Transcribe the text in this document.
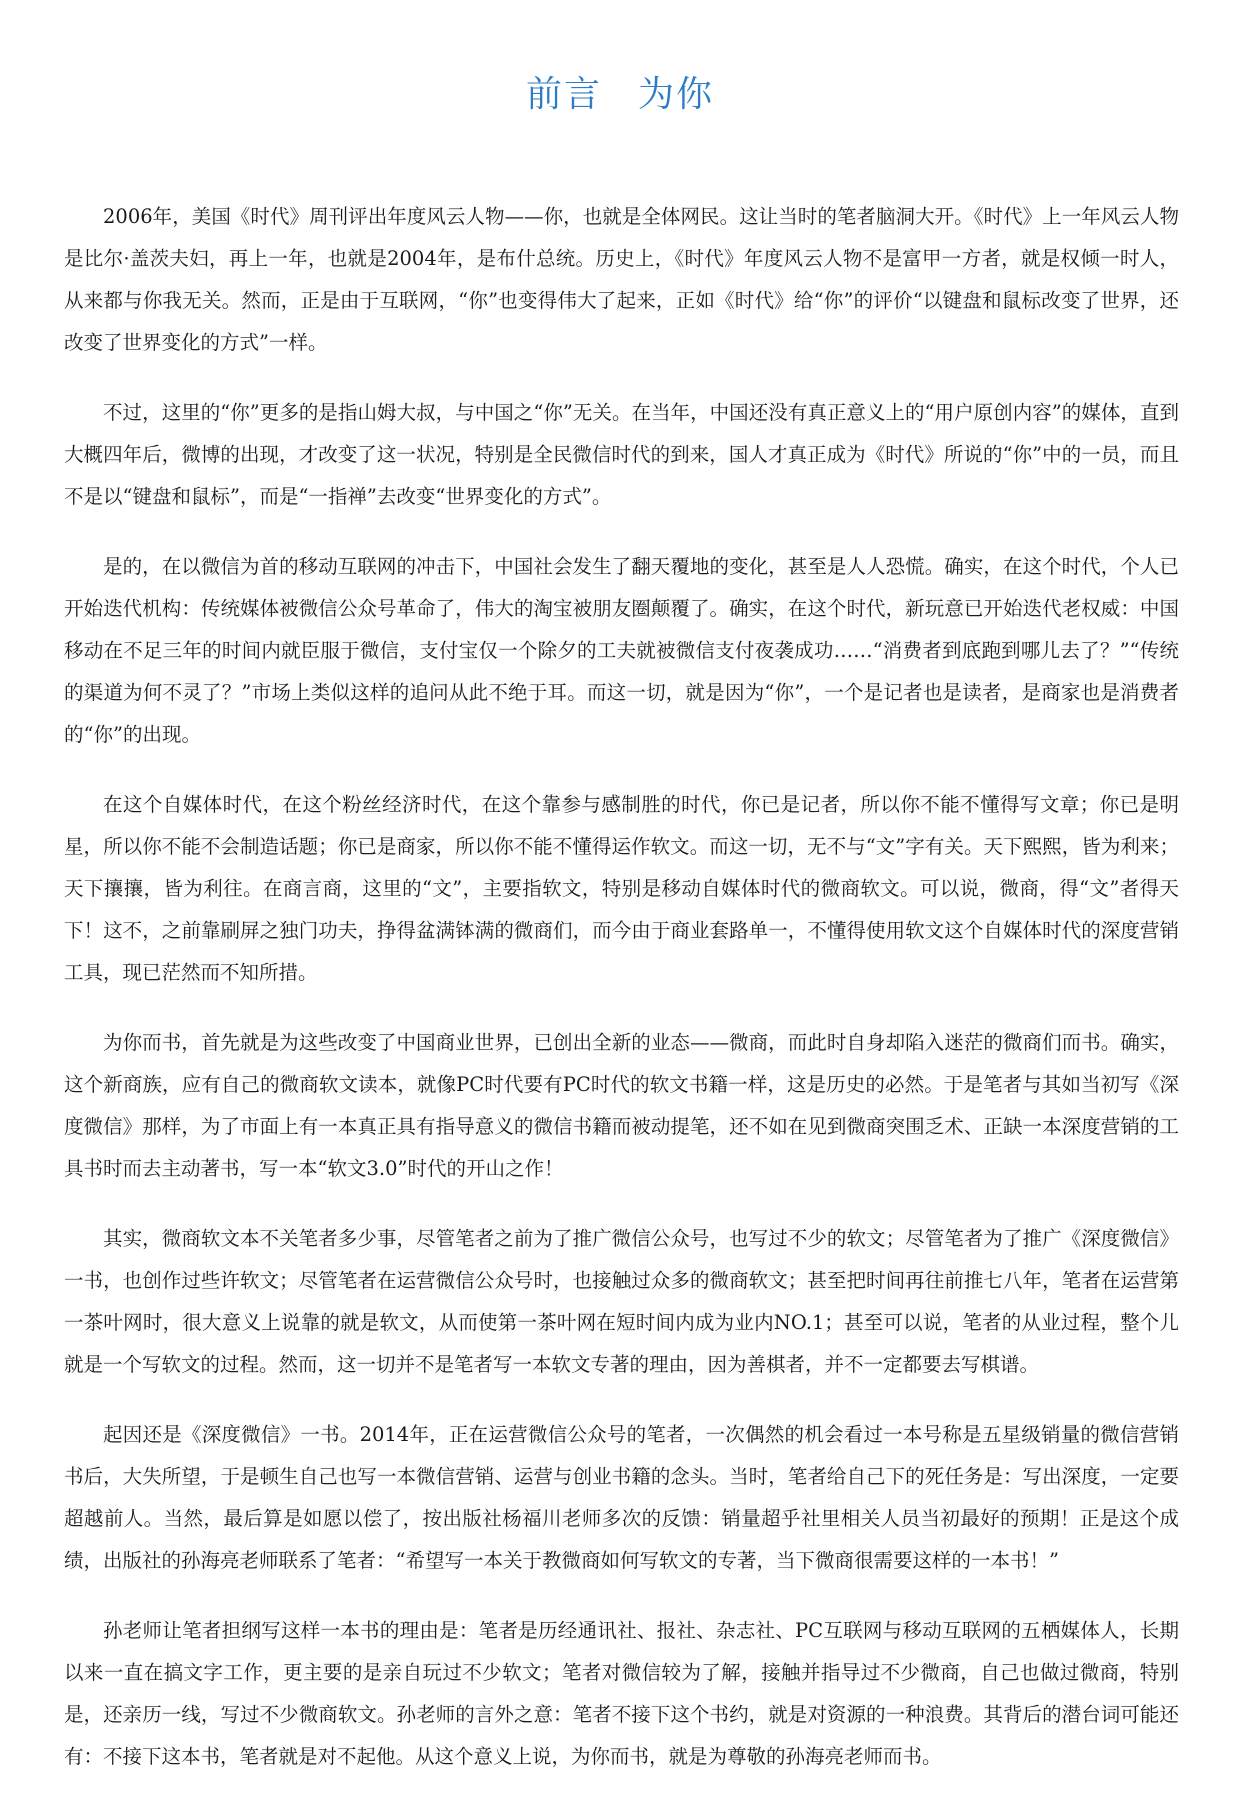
前言 为你

2006年，美国《时代》周刊评出年度风云人物——你，也就是全体网民。这让当时的笔者脑洞大开。《时代》上一年风云人物是比尔·盖茨夫妇，再上一年，也就是2004年，是布什总统。历史上，《时代》年度风云人物不是富甲一方者，就是权倾一时人，从来都与你我无关。然而，正是由于互联网，“你”也变得伟大了起来，正如《时代》给“你”的评价“以键盘和鼠标改变了世界，还改变了世界变化的方式”一样。

不过，这里的“你”更多的是指山姆大叔，与中国之“你”无关。在当年，中国还没有真正意义上的“用户原创内容”的媒体，直到大概四年后，微博的出现，才改变了这一状况，特别是全民微信时代的到来，国人才真正成为《时代》所说的“你”中的一员，而且不是以“键盘和鼠标”，而是“一指禅”去改变“世界变化的方式”。

是的，在以微信为首的移动互联网的冲击下，中国社会发生了翻天覆地的变化，甚至是人人恐慌。确实，在这个时代，个人已开始迭代机构：传统媒体被微信公众号革命了，伟大的淘宝被朋友圈颠覆了。确实，在这个时代，新玩意已开始迭代老权威：中国移动在不足三年的时间内就臣服于微信，支付宝仅一个除夕的工夫就被微信支付夜袭成功……“消费者到底跑到哪儿去了？”“传统的渠道为何不灵了？”市场上类似这样的追问从此不绝于耳。而这一切，就是因为“你”，一个是记者也是读者，是商家也是消费者的“你”的出现。

在这个自媒体时代，在这个粉丝经济时代，在这个靠参与感制胜的时代，你已是记者，所以你不能不懂得写文章；你已是明星，所以你不能不会制造话题；你已是商家，所以你不能不懂得运作软文。而这一切，无不与“文”字有关。天下熙熙，皆为利来；天下攘攘，皆为利往。在商言商，这里的“文”，主要指软文，特别是移动自媒体时代的微商软文。可以说，微商，得“文”者得天下！这不，之前靠刷屏之独门功夫，挣得盆满钵满的微商们，而今由于商业套路单一，不懂得使用软文这个自媒体时代的深度营销工具，现已茫然而不知所措。

为你而书，首先就是为这些改变了中国商业世界，已创出全新的业态——微商，而此时自身却陷入迷茫的微商们而书。确实，这个新商族，应有自己的微商软文读本，就像PC时代要有PC时代的软文书籍一样，这是历史的必然。于是笔者与其如当初写《深度微信》那样，为了市面上有一本真正具有指导意义的微信书籍而被动提笔，还不如在见到微商突围乏术、正缺一本深度营销的工具书时而去主动著书，写一本“软文3.0”时代的开山之作！

其实，微商软文本不关笔者多少事，尽管笔者之前为了推广微信公众号，也写过不少的软文；尽管笔者为了推广《深度微信》一书，也创作过些许软文；尽管笔者在运营微信公众号时，也接触过众多的微商软文；甚至把时间再往前推七八年，笔者在运营第一茶叶网时，很大意义上说靠的就是软文，从而使第一茶叶网在短时间内成为业内NO.1；甚至可以说，笔者的从业过程，整个儿就是一个写软文的过程。然而，这一切并不是笔者写一本软文专著的理由，因为善棋者，并不一定都要去写棋谱。

起因还是《深度微信》一书。2014年，正在运营微信公众号的笔者，一次偶然的机会看过一本号称是五星级销量的微信营销书后，大失所望，于是顿生自己也写一本微信营销、运营与创业书籍的念头。当时，笔者给自己下的死任务是：写出深度，一定要超越前人。当然，最后算是如愿以偿了，按出版社杨福川老师多次的反馈：销量超乎社里相关人员当初最好的预期！正是这个成绩，出版社的孙海亮老师联系了笔者：“希望写一本关于教微商如何写软文的专著，当下微商很需要这样的一本书！”

孙老师让笔者担纲写这样一本书的理由是：笔者是历经通讯社、报社、杂志社、PC互联网与移动互联网的五栖媒体人，长期以来一直在搞文字工作，更主要的是亲自玩过不少软文；笔者对微信较为了解，接触并指导过不少微商，自己也做过微商，特别是，还亲历一线，写过不少微商软文。孙老师的言外之意：笔者不接下这个书约，就是对资源的一种浪费。其背后的潜台词可能还有：不接下这本书，笔者就是对不起他。从这个意义上说，为你而书，就是为尊敬的孙海亮老师而书。
